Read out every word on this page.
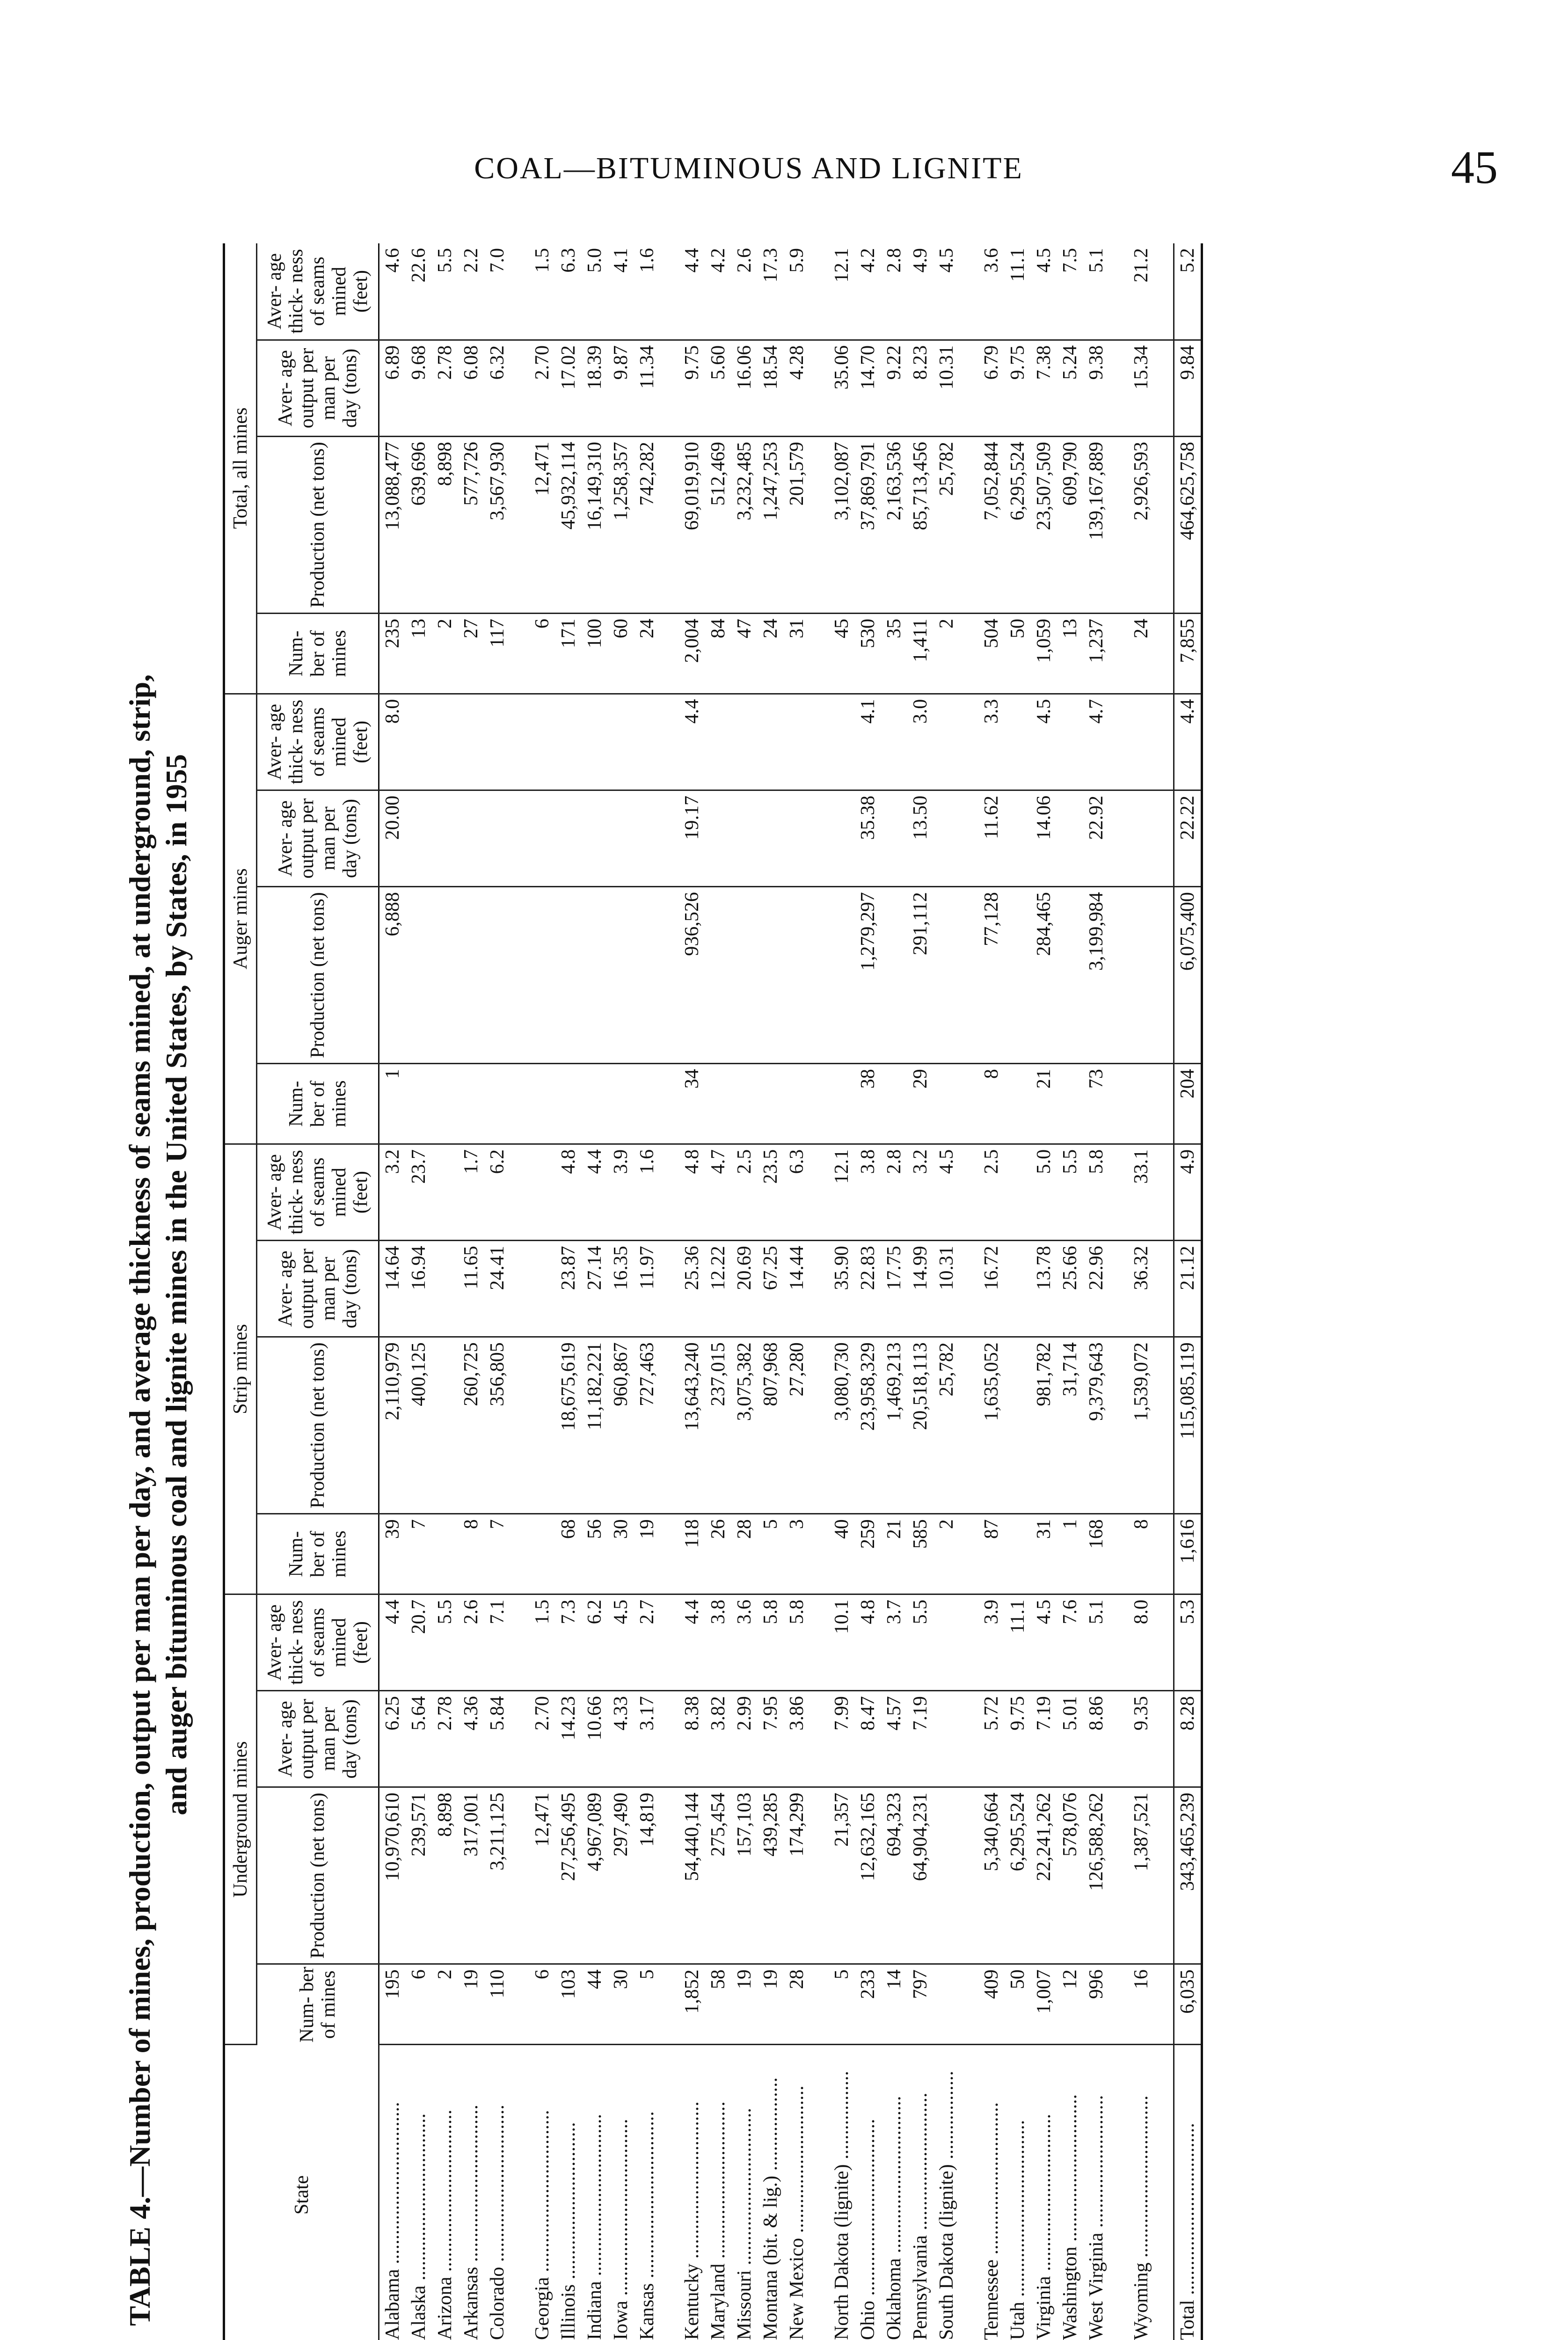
COAL—BITUMINOUS AND LIGNITE	45
TABLE 4.—Number of mines, production, output per man per day, and average thickness of seams mined, at underground, strip, and auger bituminous coal and lignite mines in the United States, by States, in 1955
State	Underground mines				Strip mines				Auger mines				Total, all mines			
	Num- ber of mines	Production (net tons)	Aver- age output per man per day (tons)	Aver- age thick- ness of seams mined (feet)	Num- ber of mines	Production (net tons)	Aver- age output per man per day (tons)	Aver- age thick- ness of seams mined (feet)	Num- ber of mines	Production (net tons)	Aver- age output per man per day (tons)	Aver- age thick- ness of seams mined (feet)	Num- ber of mines	Production (net tons)	Aver- age output per man per day (tons)	Aver- age thick- ness of seams mined (feet)
Alabama .................................	195	10,970,610	6.25	4.4	39	2,110,979	14.64	3.2	1	6,888	20.00	8.0	235	13,088,477	6.89	4.6
Alaska ..................................	6	239,571	5.64	20.7	7	400,125	16.94	23.7					13	639,696	9.68	22.6
Arizona .................................	2	8,898	2.78	5.5									2	8,898	2.78	5.5
Arkansas ................................	19	317,001	4.36	2.6	8	260,725	11.65	1.7					27	577,726	6.08	2.2
Colorado ................................	110	3,211,125	5.84	7.1	7	356,805	24.41	6.2					117	3,567,930	6.32	7.0

Georgia .................................	6	12,471	2.70	1.5									6	12,471	2.70	1.5
Illinois ................................	103	27,256,495	14.23	7.3	68	18,675,619	23.87	4.8					171	45,932,114	17.02	6.3
Indiana .................................	44	4,967,089	10.66	6.2	56	11,182,221	27.14	4.4					100	16,149,310	18.39	5.0
Iowa ....................................	30	297,490	4.33	4.5	30	960,867	16.35	3.9					60	1,258,357	9.87	4.1
Kansas ..................................	5	14,819	3.17	2.7	19	727,463	11.97	1.6					24	742,282	11.34	1.6

Kentucky ................................	1,852	54,440,144	8.38	4.4	118	13,643,240	25.36	4.8	34	936,526	19.17	4.4	2,004	69,019,910	9.75	4.4
Maryland ................................	58	275,454	3.82	3.8	26	237,015	12.22	4.7					84	512,469	5.60	4.2
Missouri ................................	19	157,103	2.99	3.6	28	3,075,382	20.69	2.5					47	3,232,485	16.06	2.6
Montana (bit. & lig.) ...................	19	439,285	7.95	5.8	5	807,968	67.25	23.5					24	1,247,253	18.54	17.3
New Mexico ..............................	28	174,299	3.86	5.8	3	27,280	14.44	6.3					31	201,579	4.28	5.9

North Dakota (lignite) ..................	5	21,357	7.99	10.1	40	3,080,730	35.90	12.1					45	3,102,087	35.06	12.1
Ohio ....................................	233	12,632,165	8.47	4.8	259	23,958,329	22.83	3.8	38	1,279,297	35.38	4.1	530	37,869,791	14.70	4.2
Oklahoma ................................	14	694,323	4.57	3.7	21	1,469,213	17.75	2.8					35	2,163,536	9.22	2.8
Pennsylvania ............................	797	64,904,231	7.19	5.5	585	20,518,113	14.99	3.2	29	291,112	13.50	3.0	1,411	85,713,456	8.23	4.9
South Dakota (lignite) ..................					2	25,782	10.31	4.5					2	25,782	10.31	4.5

Tennessee ...............................	409	5,340,664	5.72	3.9	87	1,635,052	16.72	2.5	8	77,128	11.62	3.3	504	7,052,844	6.79	3.6
Utah ....................................	50	6,295,524	9.75	11.1									50	6,295,524	9.75	11.1
Virginia ................................	1,007	22,241,262	7.19	4.5	31	981,782	13.78	5.0	21	284,465	14.06	4.5	1,059	23,507,509	7.38	4.5
Washington ..............................	12	578,076	5.01	7.6	1	31,714	25.66	5.5					13	609,790	5.24	7.5
West Virginia ...........................	996	126,588,262	8.86	5.1	168	9,379,643	22.96	5.8	73	3,199,984	22.92	4.7	1,237	139,167,889	9.38	5.1

Wyoming .................................	16	1,387,521	9.35	8.0	8	1,539,072	36.32	33.1					24	2,926,593	15.34	21.2

Total ...................................	6,035	343,465,239	8.28	5.3	1,616	115,085,119	21.12	4.9	204	6,075,400	22.22	4.4	7,855	464,625,758	9.84	5.2
